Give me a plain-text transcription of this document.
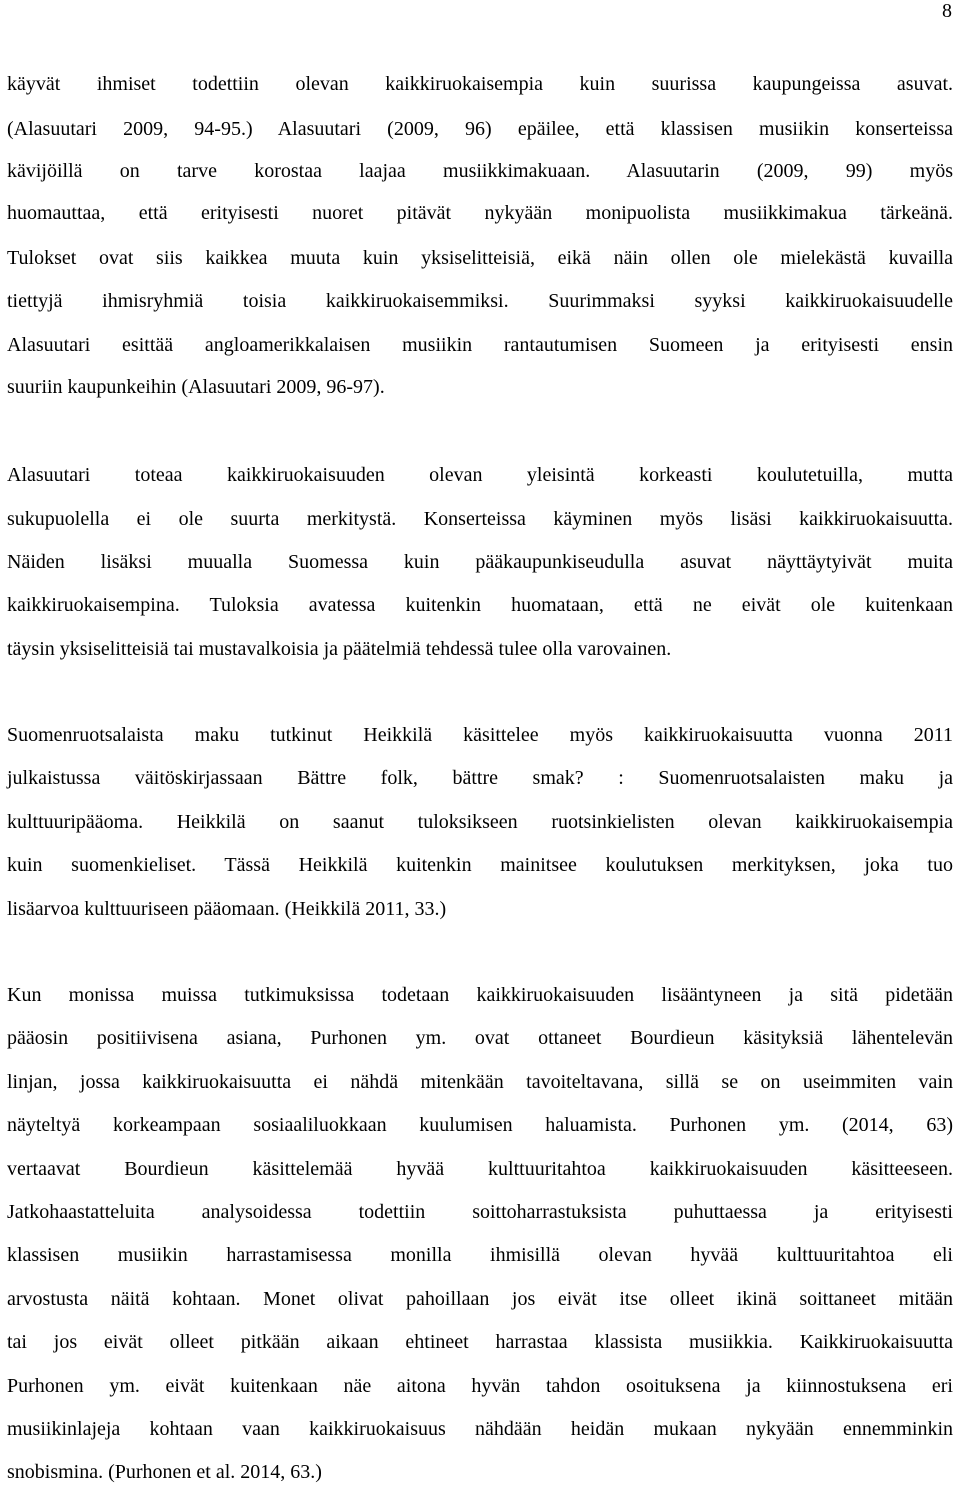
8
käyvät ihmiset todettiin olevan kaikkiruokaisempia kuin suurissa kaupungeissa asuvat.
(Alasuutari 2009, 94-95.) Alasuutari (2009, 96) epäilee, että klassisen musiikin konserteissa
kävijöillä on tarve korostaa laajaa musiikkimakuaan. Alasuutarin (2009, 99) myös
huomauttaa, että erityisesti nuoret pitävät nykyään monipuolista musiikkimakua tärkeänä.
Tulokset ovat siis kaikkea muuta kuin yksiselitteisiä, eikä näin ollen ole mielekästä kuvailla
tiettyjä ihmisryhmiä toisia kaikkiruokaisemmiksi. Suurimmaksi syyksi kaikkiruokaisuudelle
Alasuutari esittää angloamerikkalaisen musiikin rantautumisen Suomeen ja erityisesti ensin
suuriin kaupunkeihin (Alasuutari 2009, 96-97).
Alasuutari toteaa kaikkiruokaisuuden olevan yleisintä korkeasti koulutetuilla, mutta
sukupuolella ei ole suurta merkitystä. Konserteissa käyminen myös lisäsi kaikkiruokaisuutta.
Näiden lisäksi muualla Suomessa kuin pääkaupunkiseudulla asuvat näyttäytyivät muita
kaikkiruokaisempina. Tuloksia avatessa kuitenkin huomataan, että ne eivät ole kuitenkaan
täysin yksiselitteisiä tai mustavalkoisia ja päätelmiä tehdessä tulee olla varovainen.
Suomenruotsalaista maku tutkinut Heikkilä käsittelee myös kaikkiruokaisuutta vuonna 2011
julkaistussa väitöskirjassaan Bättre folk, bättre smak? : Suomenruotsalaisten maku ja
kulttuuripääoma. Heikkilä on saanut tuloksikseen ruotsinkielisten olevan kaikkiruokaisempia
kuin suomenkieliset. Tässä Heikkilä kuitenkin mainitsee koulutuksen merkityksen, joka tuo
lisäarvoa kulttuuriseen pääomaan. (Heikkilä 2011, 33.)
Kun monissa muissa tutkimuksissa todetaan kaikkiruokaisuuden lisääntyneen ja sitä pidetään
pääosin positiivisena asiana, Purhonen ym. ovat ottaneet Bourdieun käsityksiä lähentelevän
linjan, jossa kaikkiruokaisuutta ei nähdä mitenkään tavoiteltavana, sillä se on useimmiten vain
näyteltyä korkeampaan sosiaaliluokkaan kuulumisen haluamista. Purhonen ym. (2014, 63)
vertaavat Bourdieun käsittelemää hyvää kulttuuritahtoa kaikkiruokaisuuden käsitteeseen.
Jatkohaastatteluita analysoidessa todettiin soittoharrastuksista puhuttaessa ja erityisesti
klassisen musiikin harrastamisessa monilla ihmisillä olevan hyvää kulttuuritahtoa eli
arvostusta näitä kohtaan. Monet olivat pahoillaan jos eivät itse olleet ikinä soittaneet mitään
tai jos eivät olleet pitkään aikaan ehtineet harrastaa klassista musiikkia. Kaikkiruokaisuutta
Purhonen ym. eivät kuitenkaan näe aitona hyvän tahdon osoituksena ja kiinnostuksena eri
musiikinlajeja kohtaan vaan kaikkiruokaisuus nähdään heidän mukaan nykyään ennemminkin
snobismina. (Purhonen et al. 2014, 63.)
